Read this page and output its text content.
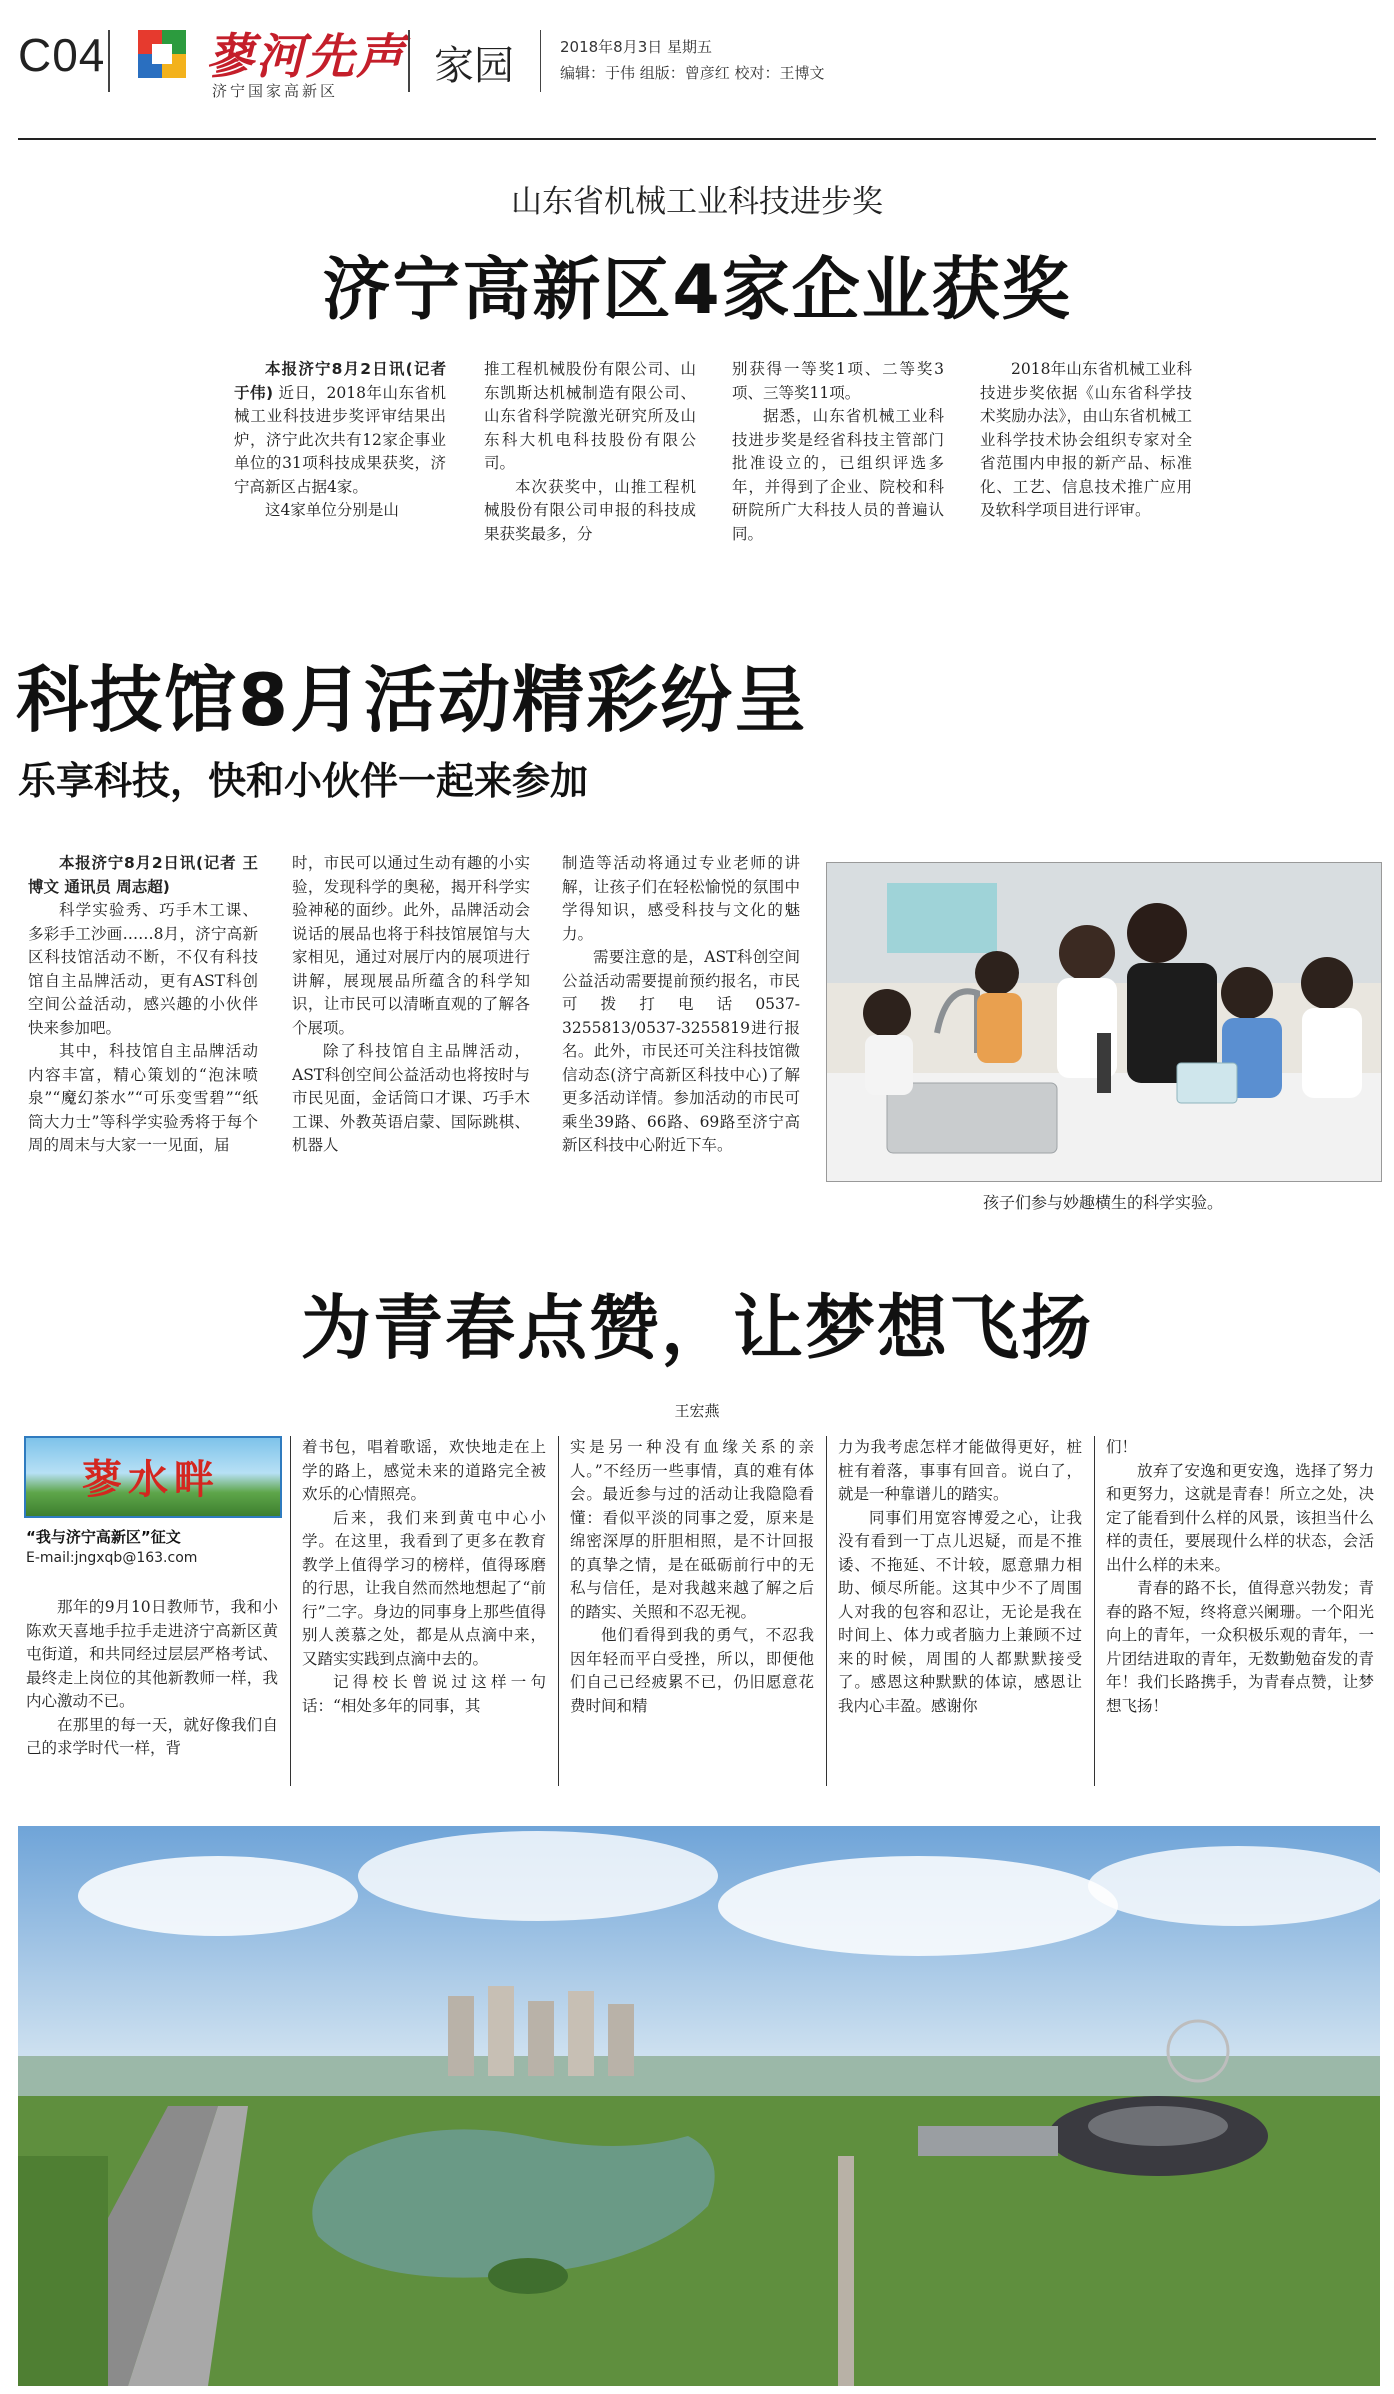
C04 蓼河先声
济宁国家高新区
家园	2018年8月3日 星期五
编辑：于伟 组版：曾彦红 校对：王博文
山东省机械工业科技进步奖
济宁高新区4家企业获奖

本报济宁8月2日讯(记者 于伟) 近日，2018年山东省机械工业科技进步奖评审结果出炉，济宁此次共有12家企事业单位的31项科技成果获奖，济宁高新区占据4家。

这4家单位分别是山

推工程机械股份有限公司、山东凯斯达机械制造有限公司、山东省科学院激光研究所及山东科大机电科技股份有限公司。

本次获奖中，山推工程机械股份有限公司申报的科技成果获奖最多，分

别获得一等奖1项、二等奖3项、三等奖11项。

据悉，山东省机械工业科技进步奖是经省科技主管部门批准设立的，已组织评选多年，并得到了企业、院校和科研院所广大科技人员的普遍认同。

2018年山东省机械工业科技进步奖依据《山东省科学技术奖励办法》，由山东省机械工业科学技术协会组织专家对全省范围内申报的新产品、标准化、工艺、信息技术推广应用及软科学项目进行评审。

科技馆8月活动精彩纷呈
乐享科技，快和小伙伴一起来参加

本报济宁8月2日讯(记者 王博文 通讯员 周志超)

科学实验秀、巧手木工课、多彩手工沙画……8月，济宁高新区科技馆活动不断，不仅有科技馆自主品牌活动，更有AST科创空间公益活动，感兴趣的小伙伴快来参加吧。

其中，科技馆自主品牌活动内容丰富，精心策划的“泡沫喷泉”“魔幻茶水”“可乐变雪碧”“纸筒大力士”等科学实验秀将于每个周的周末与大家一一见面，届

时，市民可以通过生动有趣的小实验，发现科学的奥秘，揭开科学实验神秘的面纱。此外，品牌活动会说话的展品也将于科技馆展馆与大家相见，通过对展厅内的展项进行讲解，展现展品所蕴含的科学知识，让市民可以清晰直观的了解各个展项。

除了科技馆自主品牌活动，AST科创空间公益活动也将按时与市民见面，金话筒口才课、巧手木工课、外教英语启蒙、国际跳棋、机器人

制造等活动将通过专业老师的讲解，让孩子们在轻松愉悦的氛围中学得知识，感受科技与文化的魅力。

需要注意的是，AST科创空间公益活动需要提前预约报名，市民可拨打电话0537-3255813/0537-3255819进行报名。此外，市民还可关注科技馆微信动态(济宁高新区科技中心)了解更多活动详情。参加活动的市民可乘坐39路、66路、69路至济宁高新区科技中心附近下车。

孩子们参与妙趣横生的科学实验。
为青春点赞，让梦想飞扬
王宏燕
蓼水畔
“我与济宁高新区”征文
E-mail:jngxqb@163.com

那年的9月10日教师节，我和小陈欢天喜地手拉手走进济宁高新区黄屯街道，和共同经过层层严格考试、最终走上岗位的其他新教师一样，我内心激动不已。

在那里的每一天，就好像我们自己的求学时代一样，背

着书包，唱着歌谣，欢快地走在上学的路上，感觉未来的道路完全被欢乐的心情照亮。

后来，我们来到黄屯中心小学。在这里，我看到了更多在教育教学上值得学习的榜样，值得琢磨的行思，让我自然而然地想起了“前行”二字。身边的同事身上那些值得别人羡慕之处，都是从点滴中来，又踏实实践到点滴中去的。

记得校长曾说过这样一句话：“相处多年的同事，其

实是另一种没有血缘关系的亲人。”不经历一些事情，真的难有体会。最近参与过的活动让我隐隐看懂：看似平淡的同事之爱，原来是绵密深厚的肝胆相照，是不计回报的真挚之情，是在砥砺前行中的无私与信任，是对我越来越了解之后的踏实、关照和不忍无视。

他们看得到我的勇气，不忍我因年轻而平白受挫，所以，即便他们自己已经疲累不已，仍旧愿意花费时间和精

力为我考虑怎样才能做得更好，桩桩有着落，事事有回音。说白了，就是一种靠谱儿的踏实。

同事们用宽容博爱之心，让我没有看到一丁点儿迟疑，而是不推诿、不拖延、不计较，愿意鼎力相助、倾尽所能。这其中少不了周围人对我的包容和忍让，无论是我在时间上、体力或者脑力上兼顾不过来的时候，周围的人都默默接受了。感恩这种默默的体谅，感恩让我内心丰盈。感谢你

们！

放弃了安逸和更安逸，选择了努力和更努力，这就是青春！所立之处，决定了能看到什么样的风景，该担当什么样的责任，要展现什么样的状态，会活出什么样的未来。

青春的路不长，值得意兴勃发；青春的路不短，终将意兴阑珊。一个阳光向上的青年，一众积极乐观的青年，一片团结进取的青年，无数勤勉奋发的青年！我们长路携手，为青春点赞，让梦想飞扬！
